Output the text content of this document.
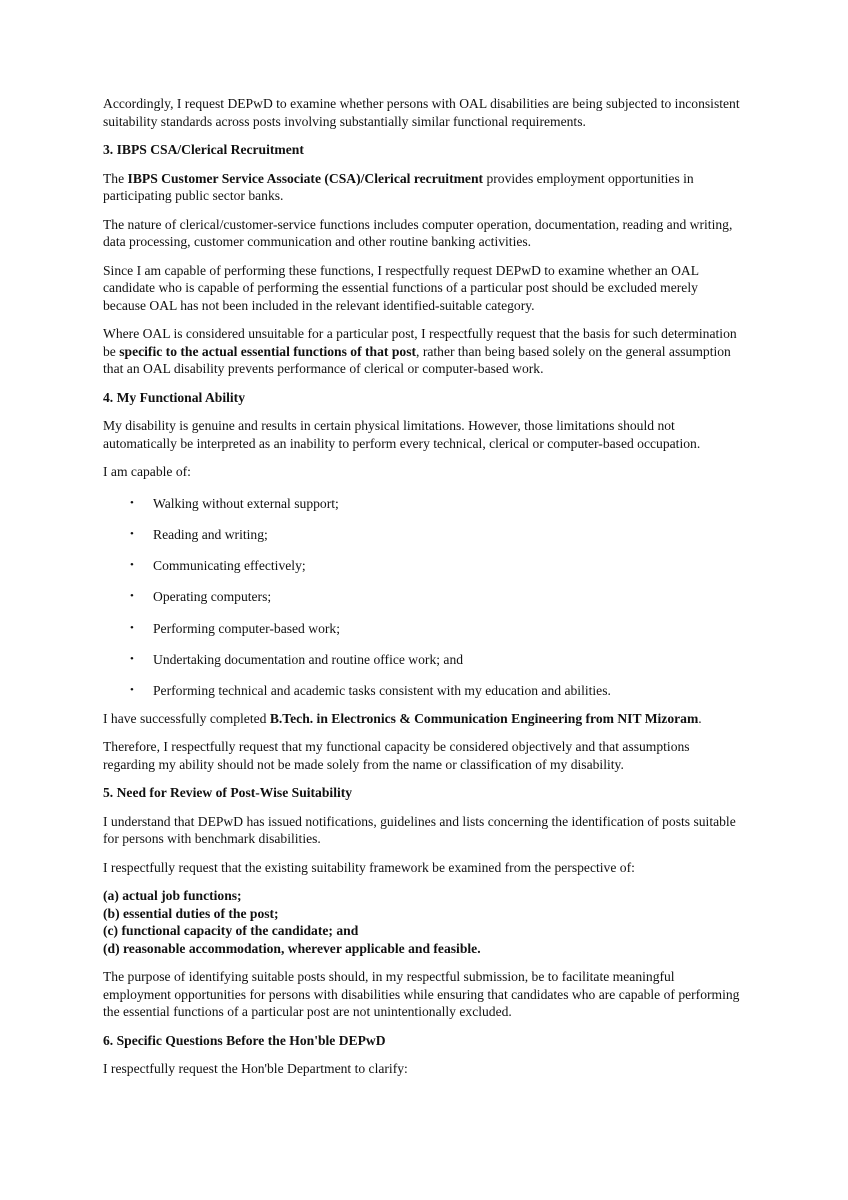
Accordingly, I request DEPwD to examine whether persons with OAL disabilities are being subjected to inconsistent suitability standards across posts involving substantially similar functional requirements.

3. IBPS CSA/Clerical Recruitment

The IBPS Customer Service Associate (CSA)/Clerical recruitment provides employment opportunities in participating public sector banks.

The nature of clerical/customer-service functions includes computer operation, documentation, reading and writing, data processing, customer communication and other routine banking activities.

Since I am capable of performing these functions, I respectfully request DEPwD to examine whether an OAL candidate who is capable of performing the essential functions of a particular post should be excluded merely because OAL has not been included in the relevant identified-suitable category.

Where OAL is considered unsuitable for a particular post, I respectfully request that the basis for such determination be specific to the actual essential functions of that post, rather than being based solely on the general assumption that an OAL disability prevents performance of clerical or computer-based work.

4. My Functional Ability

My disability is genuine and results in certain physical limitations. However, those limitations should not automatically be interpreted as an inability to perform every technical, clerical or computer-based occupation.

I am capable of:

• Walking without external support;
• Reading and writing;
• Communicating effectively;
• Operating computers;
• Performing computer-based work;
• Undertaking documentation and routine office work; and
• Performing technical and academic tasks consistent with my education and abilities.

I have successfully completed B.Tech. in Electronics & Communication Engineering from NIT Mizoram.

Therefore, I respectfully request that my functional capacity be considered objectively and that assumptions regarding my ability should not be made solely from the name or classification of my disability.

5. Need for Review of Post-Wise Suitability

I understand that DEPwD has issued notifications, guidelines and lists concerning the identification of posts suitable for persons with benchmark disabilities.

I respectfully request that the existing suitability framework be examined from the perspective of:

(a) actual job functions;
(b) essential duties of the post;
(c) functional capacity of the candidate; and
(d) reasonable accommodation, wherever applicable and feasible.

The purpose of identifying suitable posts should, in my respectful submission, be to facilitate meaningful employment opportunities for persons with disabilities while ensuring that candidates who are capable of performing the essential functions of a particular post are not unintentionally excluded.

6. Specific Questions Before the Hon'ble DEPwD

I respectfully request the Hon'ble Department to clarify:
